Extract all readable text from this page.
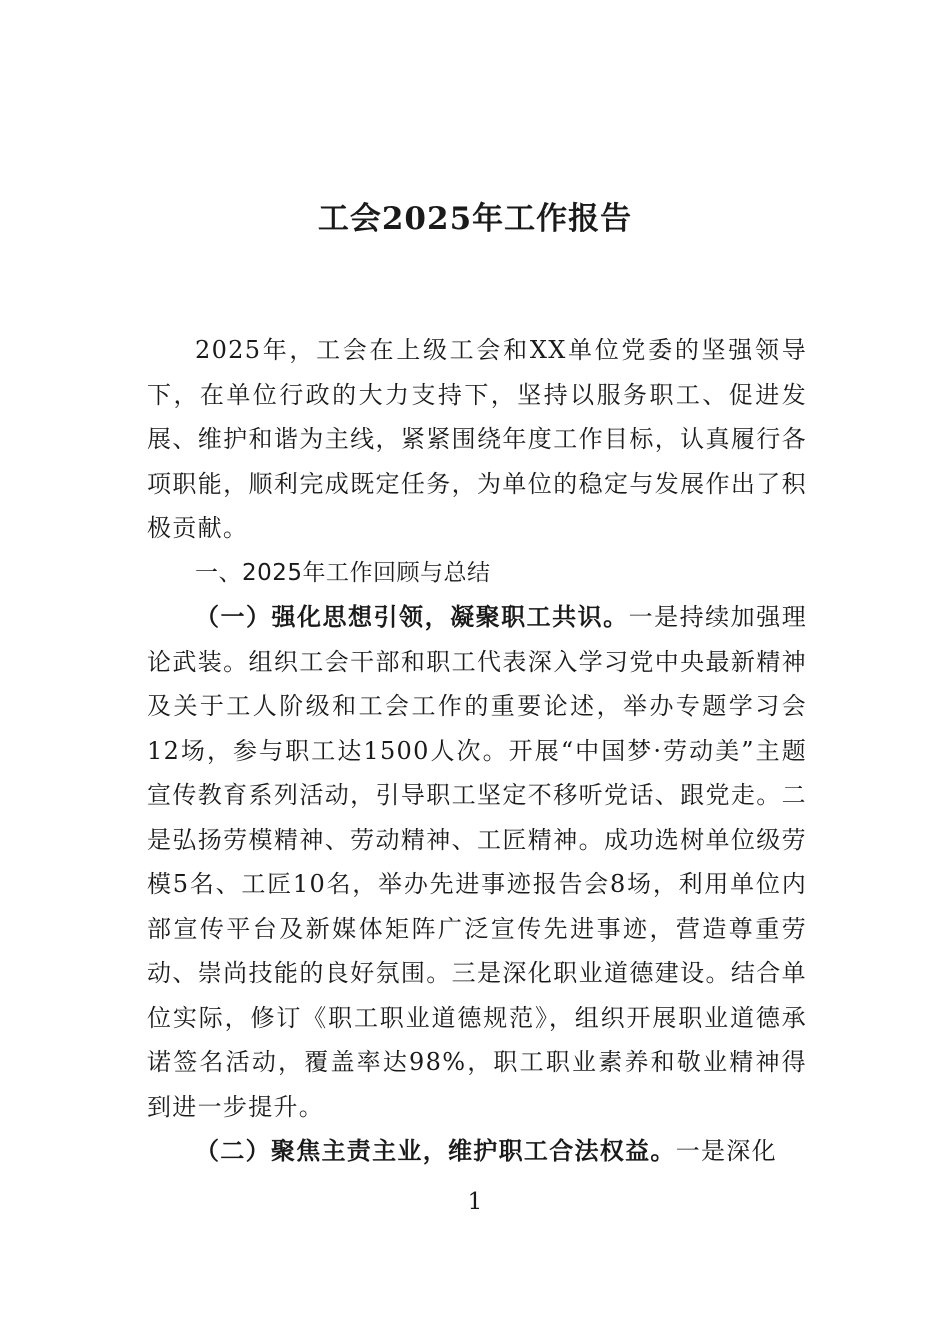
工会2025年工作报告

2025年，工会在上级工会和XX单位党委的坚强领导下，在单位行政的大力支持下，坚持以服务职工、促进发展、维护和谐为主线，紧紧围绕年度工作目标，认真履行各项职能，顺利完成既定任务，为单位的稳定与发展作出了积极贡献。

一、2025年工作回顾与总结

（一）强化思想引领，凝聚职工共识。一是持续加强理论武装。组织工会干部和职工代表深入学习党中央最新精神及关于工人阶级和工会工作的重要论述，举办专题学习会12场，参与职工达1500人次。开展“中国梦·劳动美”主题宣传教育系列活动，引导职工坚定不移听党话、跟党走。二是弘扬劳模精神、劳动精神、工匠精神。成功选树单位级劳模5名、工匠10名，举办先进事迹报告会8场，利用单位内部宣传平台及新媒体矩阵广泛宣传先进事迹，营造尊重劳动、崇尚技能的良好氛围。三是深化职业道德建设。结合单位实际，修订《职工职业道德规范》，组织开展职业道德承诺签名活动，覆盖率达98%，职工职业素养和敬业精神得到进一步提升。

（二）聚焦主责主业，维护职工合法权益。一是深化

1
